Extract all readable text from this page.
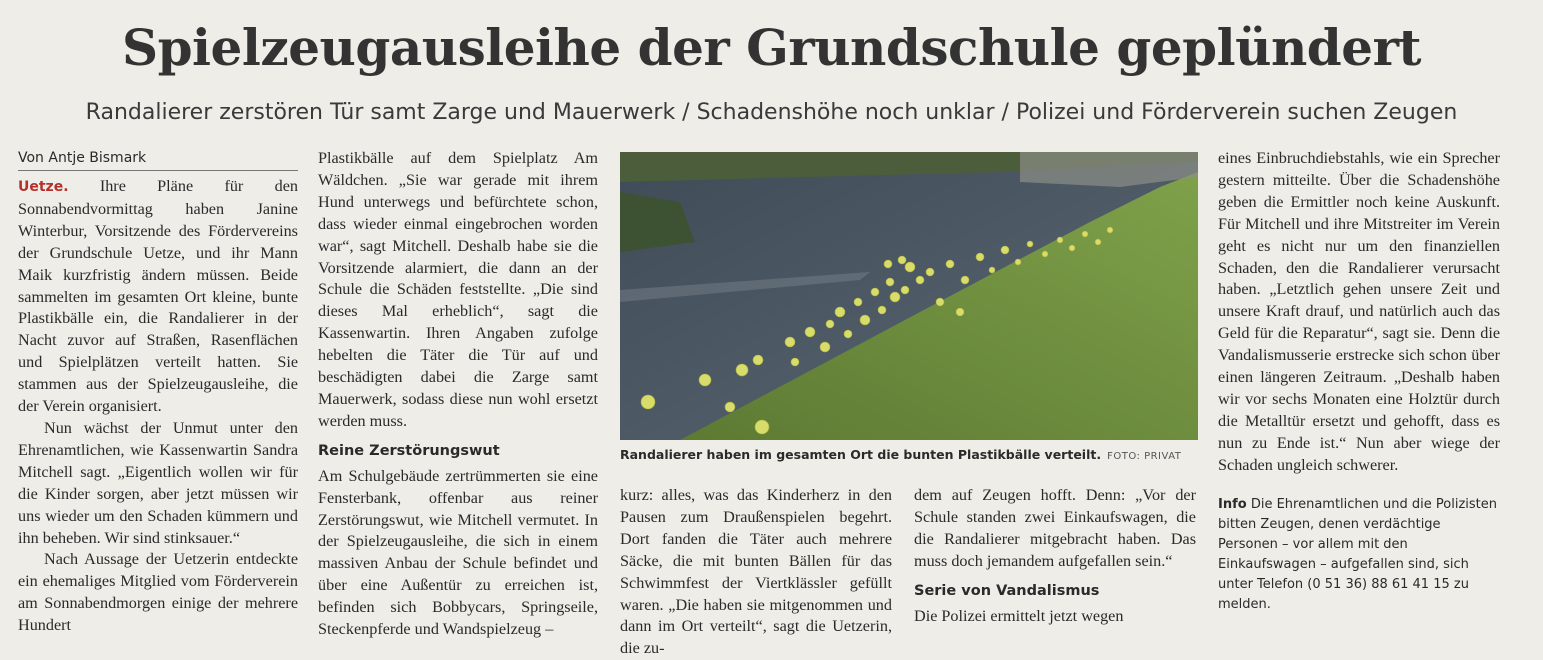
Spielzeugausleihe der Grundschule geplündert
Randalierer zerstören Tür samt Zarge und Mauerwerk / Schadenshöhe noch unklar / Polizei und Förderverein suchen Zeugen
Von Antje Bismark

Uetze. Ihre Pläne für den Sonnabendvormittag haben Janine Winterbur, Vorsitzende des Fördervereins der Grundschule Uetze, und ihr Mann Maik kurzfristig ändern müssen. Beide sammelten im gesamten Ort kleine, bunte Plastikbälle ein, die Randalierer in der Nacht zuvor auf Straßen, Rasenflächen und Spielplätzen verteilt hatten. Sie stammen aus der Spielzeugausleihe, die der Verein organisiert.

Nun wächst der Unmut unter den Ehrenamtlichen, wie Kassenwartin Sandra Mitchell sagt. „Eigentlich wollen wir für die Kinder sorgen, aber jetzt müssen wir uns wieder um den Schaden kümmern und ihn beheben. Wir sind stinksauer.“

Nach Aussage der Uetzerin entdeckte ein ehemaliges Mitglied vom Förderverein am Sonnabendmorgen einige der mehrere Hundert

Plastikbälle auf dem Spielplatz Am Wäldchen. „Sie war gerade mit ihrem Hund unterwegs und befürchtete schon, dass wieder einmal eingebrochen worden war“, sagt Mitchell. Deshalb habe sie die Vorsitzende alarmiert, die dann an der Schule die Schäden feststellte. „Die sind dieses Mal erheblich“, sagt die Kassenwartin. Ihren Angaben zufolge hebelten die Täter die Tür auf und beschädigten dabei die Zarge samt Mauerwerk, sodass diese nun wohl ersetzt werden muss.

Reine Zerstörungswut

Am Schulgebäude zertrümmerten sie eine Fensterbank, offenbar aus reiner Zerstörungswut, wie Mitchell vermutet. In der Spielzeugausleihe, die sich in einem massiven Anbau der Schule befindet und über eine Außentür zu erreichen ist, befinden sich Bobbycars, Springseile, Steckenpferde und Wandspielzeug –

Randalierer haben im gesamten Ort die bunten Plastikbälle verteilt. FOTO: PRIVAT

kurz: alles, was das Kinderherz in den Pausen zum Draußenspielen begehrt. Dort fanden die Täter auch mehrere Säcke, die mit bunten Bällen für das Schwimmfest der Viertklässler gefüllt waren. „Die haben sie mitgenommen und dann im Ort verteilt“, sagt die Uetzerin, die zu-

dem auf Zeugen hofft. Denn: „Vor der Schule standen zwei Einkaufswagen, die die Randalierer mitgebracht haben. Das muss doch jemandem aufgefallen sein.“

Serie von Vandalismus

Die Polizei ermittelt jetzt wegen

eines Einbruchdiebstahls, wie ein Sprecher gestern mitteilte. Über die Schadenshöhe geben die Ermittler noch keine Auskunft. Für Mitchell und ihre Mitstreiter im Verein geht es nicht nur um den finanziellen Schaden, den die Randalierer verursacht haben. „Letztlich gehen unsere Zeit und unsere Kraft drauf, und natürlich auch das Geld für die Reparatur“, sagt sie. Denn die Vandalismusserie erstrecke sich schon über einen längeren Zeitraum. „Deshalb haben wir vor sechs Monaten eine Holztür durch die Metalltür ersetzt und gehofft, dass es nun zu Ende ist.“ Nun aber wiege der Schaden ungleich schwerer.

Info Die Ehrenamtlichen und die Polizisten bitten Zeugen, denen verdächtige Personen – vor allem mit den Einkaufswagen – aufgefallen sind, sich unter Telefon (0 51 36) 88 61 41 15 zu melden.
